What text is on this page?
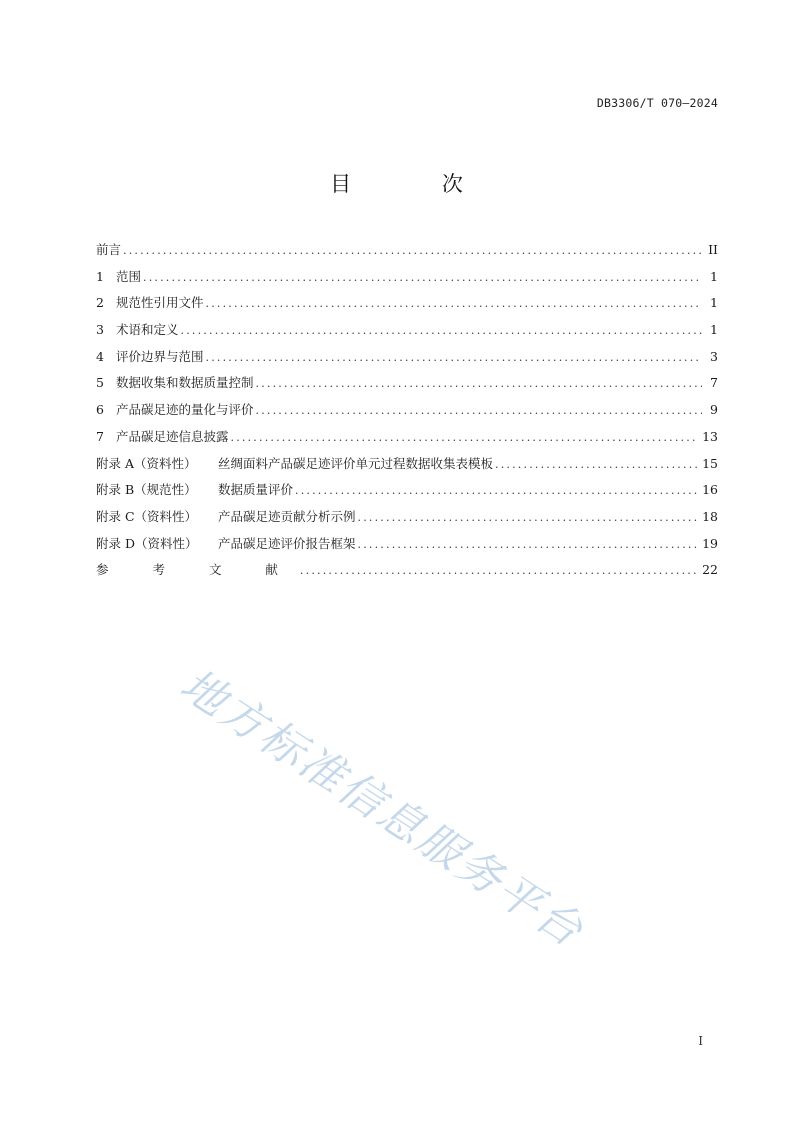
DB3306/T 070—2024
目 次
前言 .....	II
1 范围 .....	1
2 规范性引用文件 .....	1
3 术语和定义 .....	1
4 评价边界与范围 .....	3
5 数据收集和数据质量控制 .....	7
6 产品碳足迹的量化与评价 .....	9
7 产品碳足迹信息披露 .....	13
附录 A（资料性） 丝绸面料产品碳足迹评价单元过程数据收集表模板 .....	15
附录 B（规范性） 数据质量评价 .....	16
附录 C（资料性） 产品碳足迹贡献分析示例 .....	18
附录 D（资料性） 产品碳足迹评价报告框架 .....	19
参 考 文 献 .....	22
地方标准信息服务平台
I
